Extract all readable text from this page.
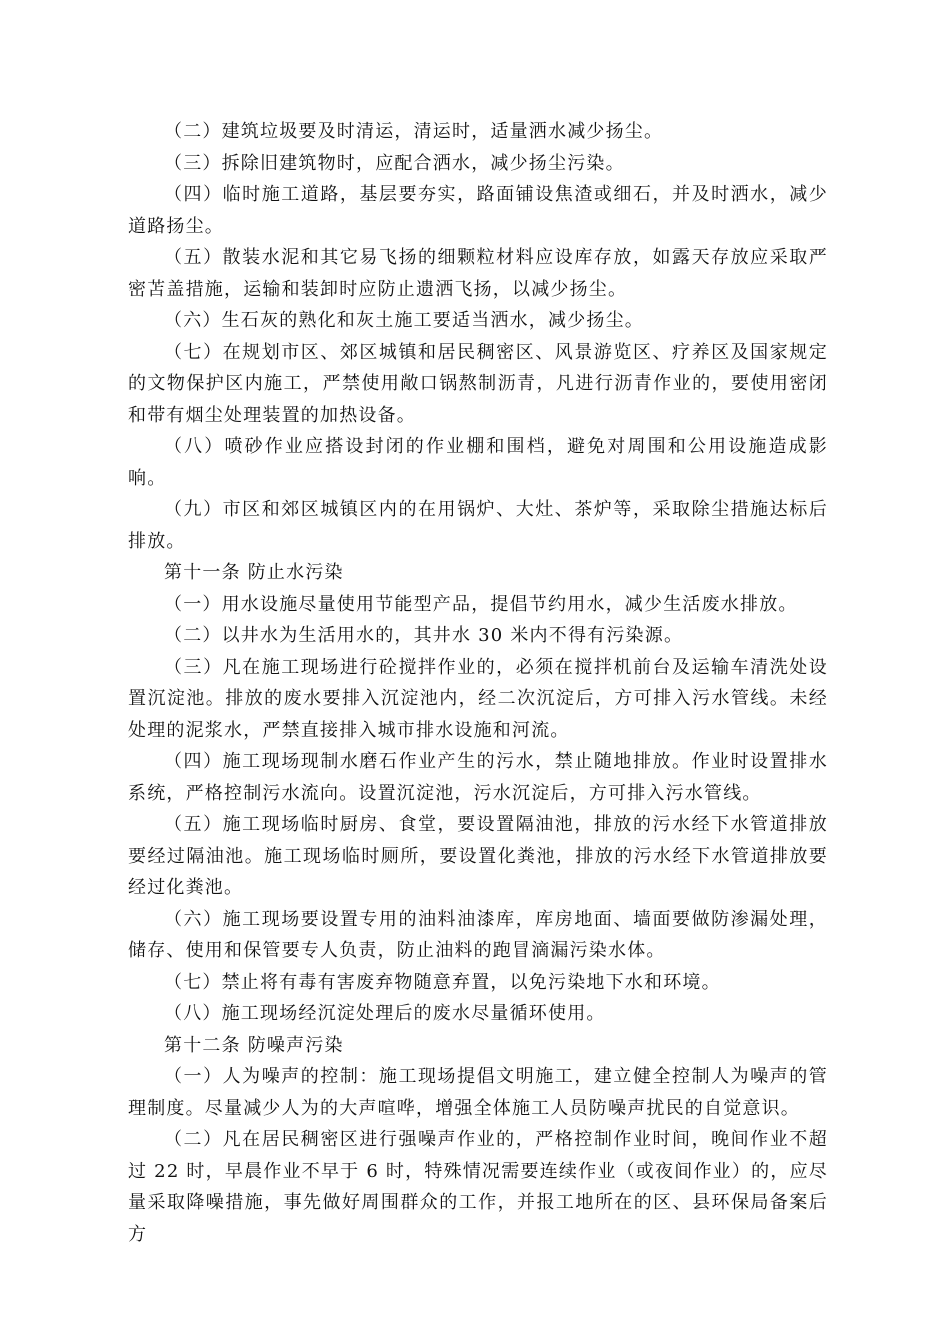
（二）建筑垃圾要及时清运，清运时，适量洒水减少扬尘。

（三）拆除旧建筑物时，应配合洒水，减少扬尘污染。

（四）临时施工道路，基层要夯实，路面铺设焦渣或细石，并及时洒水，减少道路扬尘。

（五）散装水泥和其它易飞扬的细颗粒材料应设库存放，如露天存放应采取严密苫盖措施，运输和装卸时应防止遗洒飞扬，以减少扬尘。

（六）生石灰的熟化和灰土施工要适当洒水，减少扬尘。

（七）在规划市区、郊区城镇和居民稠密区、风景游览区、疗养区及国家规定的文物保护区内施工，严禁使用敞口锅熬制沥青，凡进行沥青作业的，要使用密闭和带有烟尘处理装置的加热设备。

（八）喷砂作业应搭设封闭的作业棚和围档，避免对周围和公用设施造成影响。

（九）市区和郊区城镇区内的在用锅炉、大灶、茶炉等，采取除尘措施达标后排放。

第十一条 防止水污染

（一）用水设施尽量使用节能型产品，提倡节约用水，减少生活废水排放。

（二）以井水为生活用水的，其井水 30 米内不得有污染源。

（三）凡在施工现场进行砼搅拌作业的，必须在搅拌机前台及运输车清洗处设置沉淀池。排放的废水要排入沉淀池内，经二次沉淀后，方可排入污水管线。未经处理的泥浆水，严禁直接排入城市排水设施和河流。

（四）施工现场现制水磨石作业产生的污水，禁止随地排放。作业时设置排水系统，严格控制污水流向。设置沉淀池，污水沉淀后，方可排入污水管线。

（五）施工现场临时厨房、食堂，要设置隔油池，排放的污水经下水管道排放要经过隔油池。施工现场临时厕所，要设置化粪池，排放的污水经下水管道排放要经过化粪池。

（六）施工现场要设置专用的油料油漆库，库房地面、墙面要做防渗漏处理，储存、使用和保管要专人负责，防止油料的跑冒滴漏污染水体。

（七）禁止将有毒有害废弃物随意弃置，以免污染地下水和环境。

（八）施工现场经沉淀处理后的废水尽量循环使用。

第十二条 防噪声污染

（一）人为噪声的控制：施工现场提倡文明施工，建立健全控制人为噪声的管理制度。尽量减少人为的大声喧哗，增强全体施工人员防噪声扰民的自觉意识。

（二）凡在居民稠密区进行强噪声作业的，严格控制作业时间，晚间作业不超过 22 时，早晨作业不早于 6 时，特殊情况需要连续作业（或夜间作业）的，应尽量采取降噪措施，事先做好周围群众的工作，并报工地所在的区、县环保局备案后方
